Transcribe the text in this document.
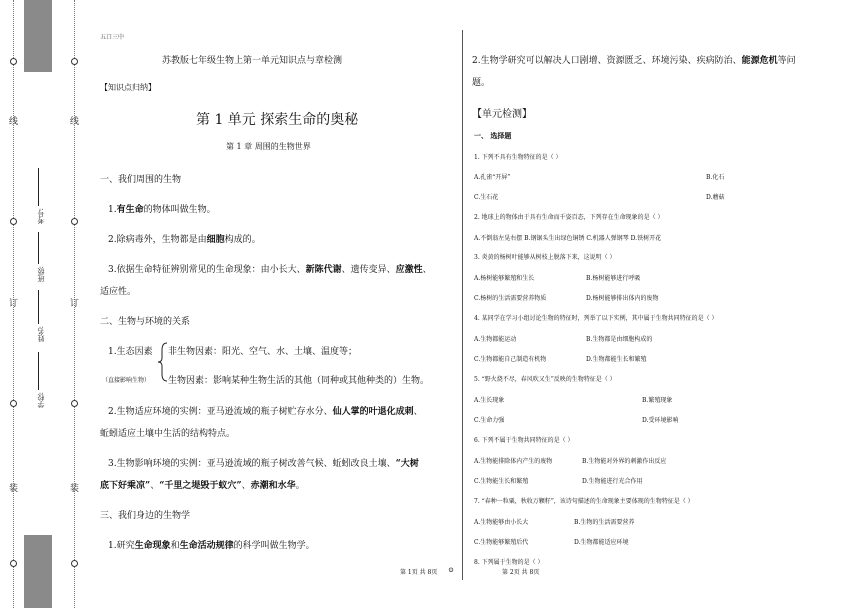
线
订
装
线
订
装
学校:
姓名:
班级:
考号:
五口三中
苏教版七年级生物上第一单元知识点与章检测
【知识点归纳】
第 1 单元 探索生命的奥秘
第 1 章 周围的生物世界
一、我们周围的生物
1.有生命的物体叫做生物。
2.除病毒外，生物都是由细胞构成的。
3.依据生命特征辨别常见的生命现象：由小长大、新陈代谢、遗传变异、应激性、
适应性。
二、生物与环境的关系
1.生态因素 非生物因素：阳光、空气、水、土壤、温度等；
（直接影响生物） 生物因素：影响某种生物生活的其他（同种或其他种类的）生物。
2.生物适应环境的实例：亚马逊流域的瓶子树贮存水分、仙人掌的叶退化成刺、
蚯蚓适应土壤中生活的结构特点。
3.生物影响环境的实例：亚马逊流域的瓶子树改善气候、蚯蚓改良土壤、“大树
底下好乘凉”、“千里之堤毁于蚁穴”、赤潮和水华。
三、我们身边的生物学
1.研究生命现象和生命活动规律的科学叫做生物学。
第 1页 共 8页 ⊙
2.生物学研究可以解决人口剧增、资源匮乏、环境污染、疾病防治、能源危机等问
题。
【单元检测】
一、 选择题
1. 下列不具有生物特征的是（ ）
A.孔雀“开屏”	B.化石
C.生石花	D.蘑菇
2. 地球上的物体由于具有生命而千姿百态，下列存在生命现象的是（ ）
A.不倒翁左晃右摆 B.钢锯头生出绿色铜锈 C.机器人弹钢琴 D.铁树开花
3. 炎黄的杨树叶能够从树枝上脱落下来，这说明（ ）
A.杨树能够繁殖和生长	B.杨树能够进行呼吸
C.杨树的生活需要营养物质	D.杨树能够排出体内的废物
4. 某同学在学习小组讨论生物的特征时，列举了以下实例，其中属于生物共同特征的是（ ）
A.生物都能运动	B.生物都是由细胞构成的
C.生物都能自己制造有机物	D.生物都能生长和繁殖
5. “野火烧不尽，春风吹又生”反映的生物特征是（ ）
A.生长现象	B.繁殖现象
C.生命力强	D.受环境影响
6. 下列不属于生物共同特征的是（ ）
A.生物能排除体内产生的废物	B.生物能对外界的刺激作出反应
C.生物能生长和繁殖	D.生物能进行光合作用
7. “春种一粒粟，秋收万颗籽”，该诗句描述的生命现象主要体现的生物特征是（ ）
A.生物能够由小长大	B.生物的生活需要营养
C.生物能够繁殖后代	D.生物都能适应环境
8. 下列属于生物的是（ ）
第 2页 共 8页
